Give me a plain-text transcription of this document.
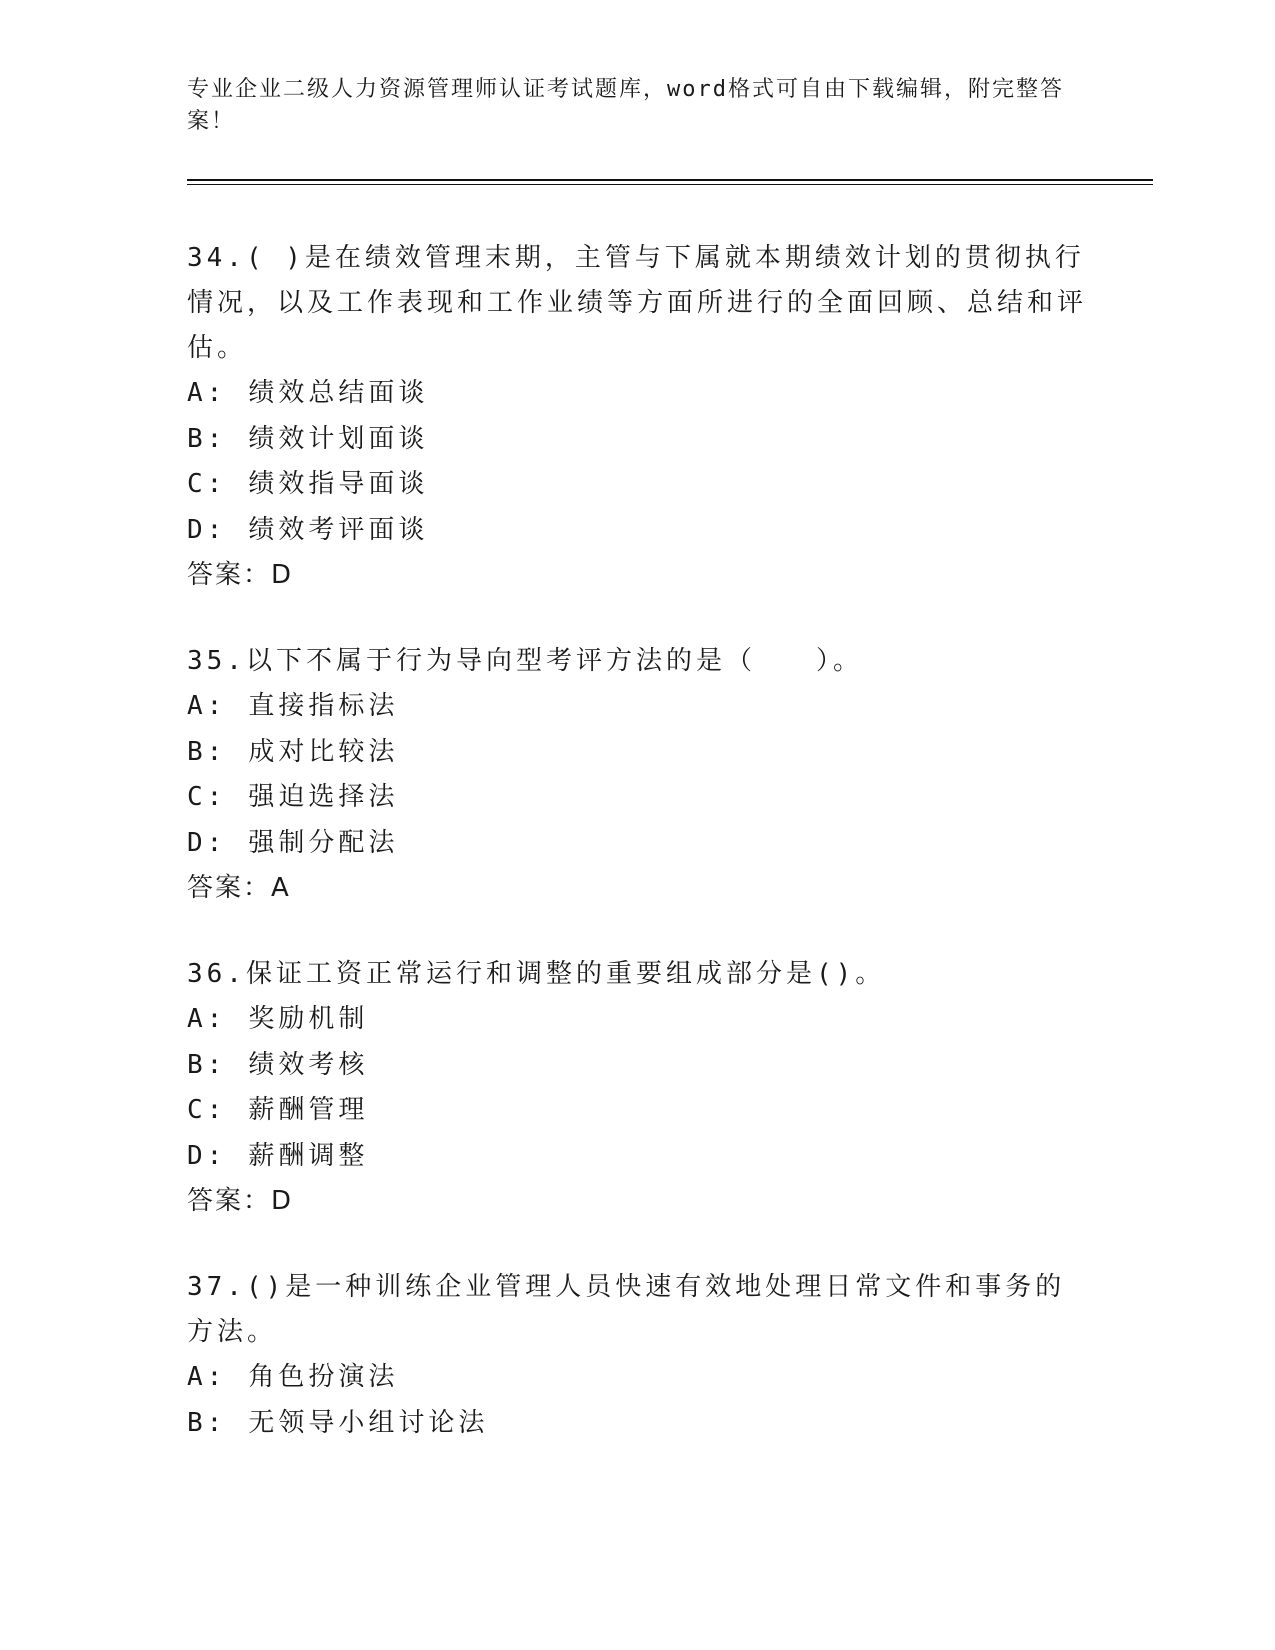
专业企业二级人力资源管理师认证考试题库，word格式可自由下载编辑，附完整答案！

34.( )是在绩效管理末期，主管与下属就本期绩效计划的贯彻执行情况，以及工作表现和工作业绩等方面所进行的全面回顾、总结和评估。

A: 绩效总结面谈

B: 绩效计划面谈

C: 绩效指导面谈

D: 绩效考评面谈

答案：D

35.以下不属于行为导向型考评方法的是（　　）。

A: 直接指标法

B: 成对比较法

C: 强迫选择法

D: 强制分配法

答案：A

36.保证工资正常运行和调整的重要组成部分是()。

A: 奖励机制

B: 绩效考核

C: 薪酬管理

D: 薪酬调整

答案：D

37.()是一种训练企业管理人员快速有效地处理日常文件和事务的方法。

A: 角色扮演法

B: 无领导小组讨论法
